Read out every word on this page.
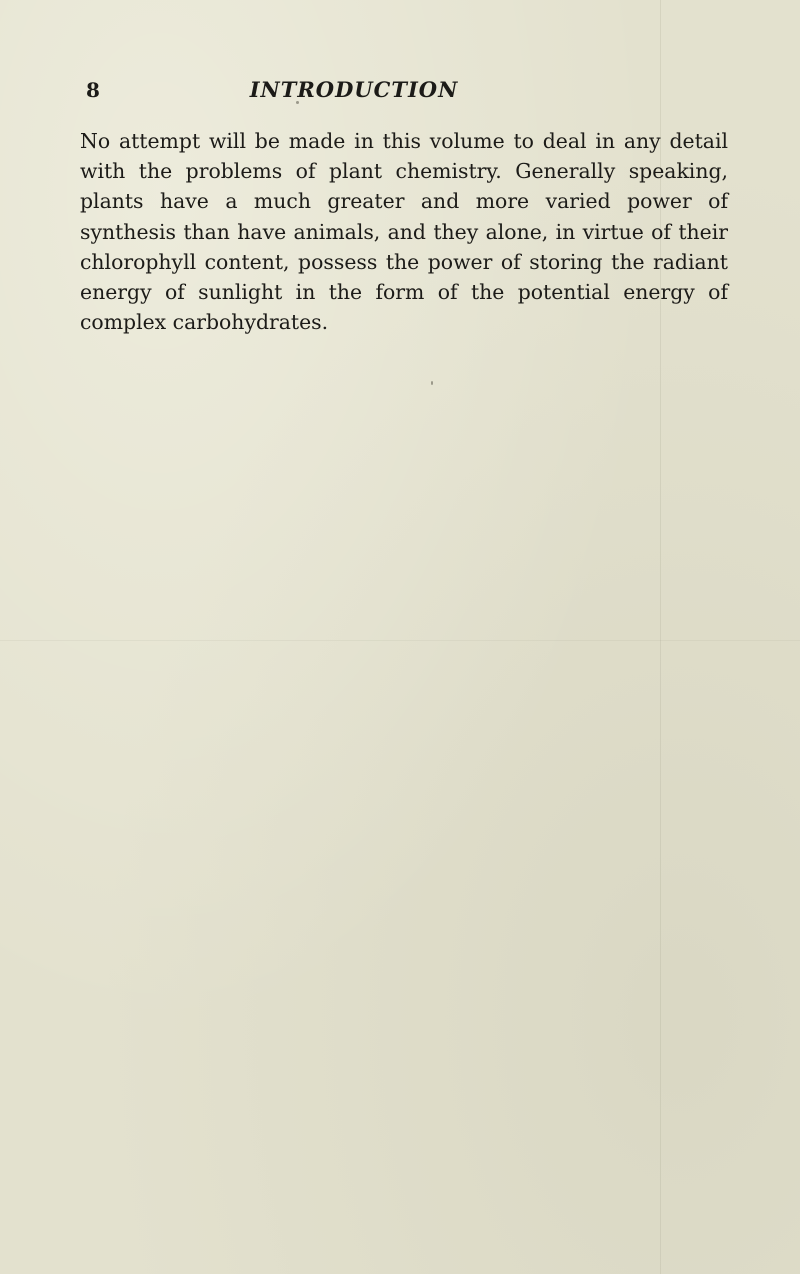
8	INTRODUCTION

No attempt will be made in this volume to deal in any detail with the problems of plant chemistry. Generally speaking, plants have a much greater and more varied power of synthesis than have animals, and they alone, in virtue of their chlorophyll content, possess the power of storing the radiant energy of sunlight in the form of the potential energy of complex carbohydrates.
